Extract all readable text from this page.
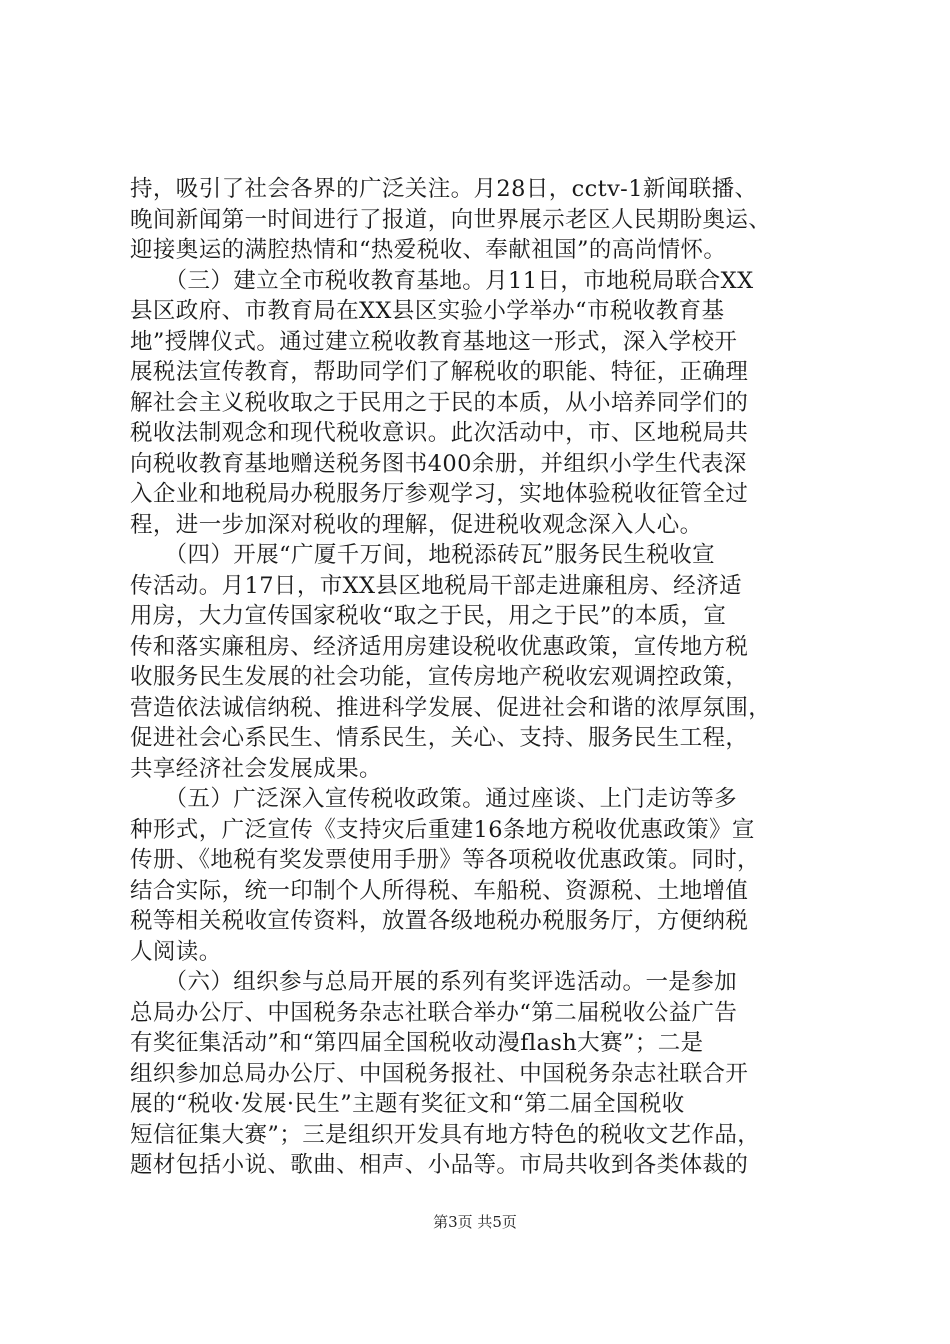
持，吸引了社会各界的广泛关注。月28日，cctv-1新闻联播、
晚间新闻第一时间进行了报道，向世界展示老区人民期盼奥运、
迎接奥运的满腔热情和“热爱税收、奉献祖国”的高尚情怀。
　　（三）建立全市税收教育基地。月11日，市地税局联合XX
县区政府、市教育局在XX县区实验小学举办“市税收教育基
地”授牌仪式。通过建立税收教育基地这一形式，深入学校开
展税法宣传教育，帮助同学们了解税收的职能、特征，正确理
解社会主义税收取之于民用之于民的本质，从小培养同学们的
税收法制观念和现代税收意识。此次活动中，市、区地税局共
向税收教育基地赠送税务图书400余册，并组织小学生代表深
入企业和地税局办税服务厅参观学习，实地体验税收征管全过
程，进一步加深对税收的理解，促进税收观念深入人心。
　　（四）开展“广厦千万间，地税添砖瓦”服务民生税收宣
传活动。月17日，市XX县区地税局干部走进廉租房、经济适
用房，大力宣传国家税收“取之于民，用之于民”的本质，宣
传和落实廉租房、经济适用房建设税收优惠政策，宣传地方税
收服务民生发展的社会功能，宣传房地产税收宏观调控政策，
营造依法诚信纳税、推进科学发展、促进社会和谐的浓厚氛围，
促进社会心系民生、情系民生，关心、支持、服务民生工程，
共享经济社会发展成果。
　　（五）广泛深入宣传税收政策。通过座谈、上门走访等多
种形式，广泛宣传《支持灾后重建16条地方税收优惠政策》宣
传册、《地税有奖发票使用手册》等各项税收优惠政策。同时，
结合实际，统一印制个人所得税、车船税、资源税、土地增值
税等相关税收宣传资料，放置各级地税办税服务厅，方便纳税
人阅读。
　　（六）组织参与总局开展的系列有奖评选活动。一是参加
总局办公厅、中国税务杂志社联合举办“第二届税收公益广告
有奖征集活动”和“第四届全国税收动漫flash大赛”；二是
组织参加总局办公厅、中国税务报社、中国税务杂志社联合开
展的“税收·发展·民生”主题有奖征文和“第二届全国税收
短信征集大赛”；三是组织开发具有地方特色的税收文艺作品，
题材包括小说、歌曲、相声、小品等。市局共收到各类体裁的
第3页 共5页
